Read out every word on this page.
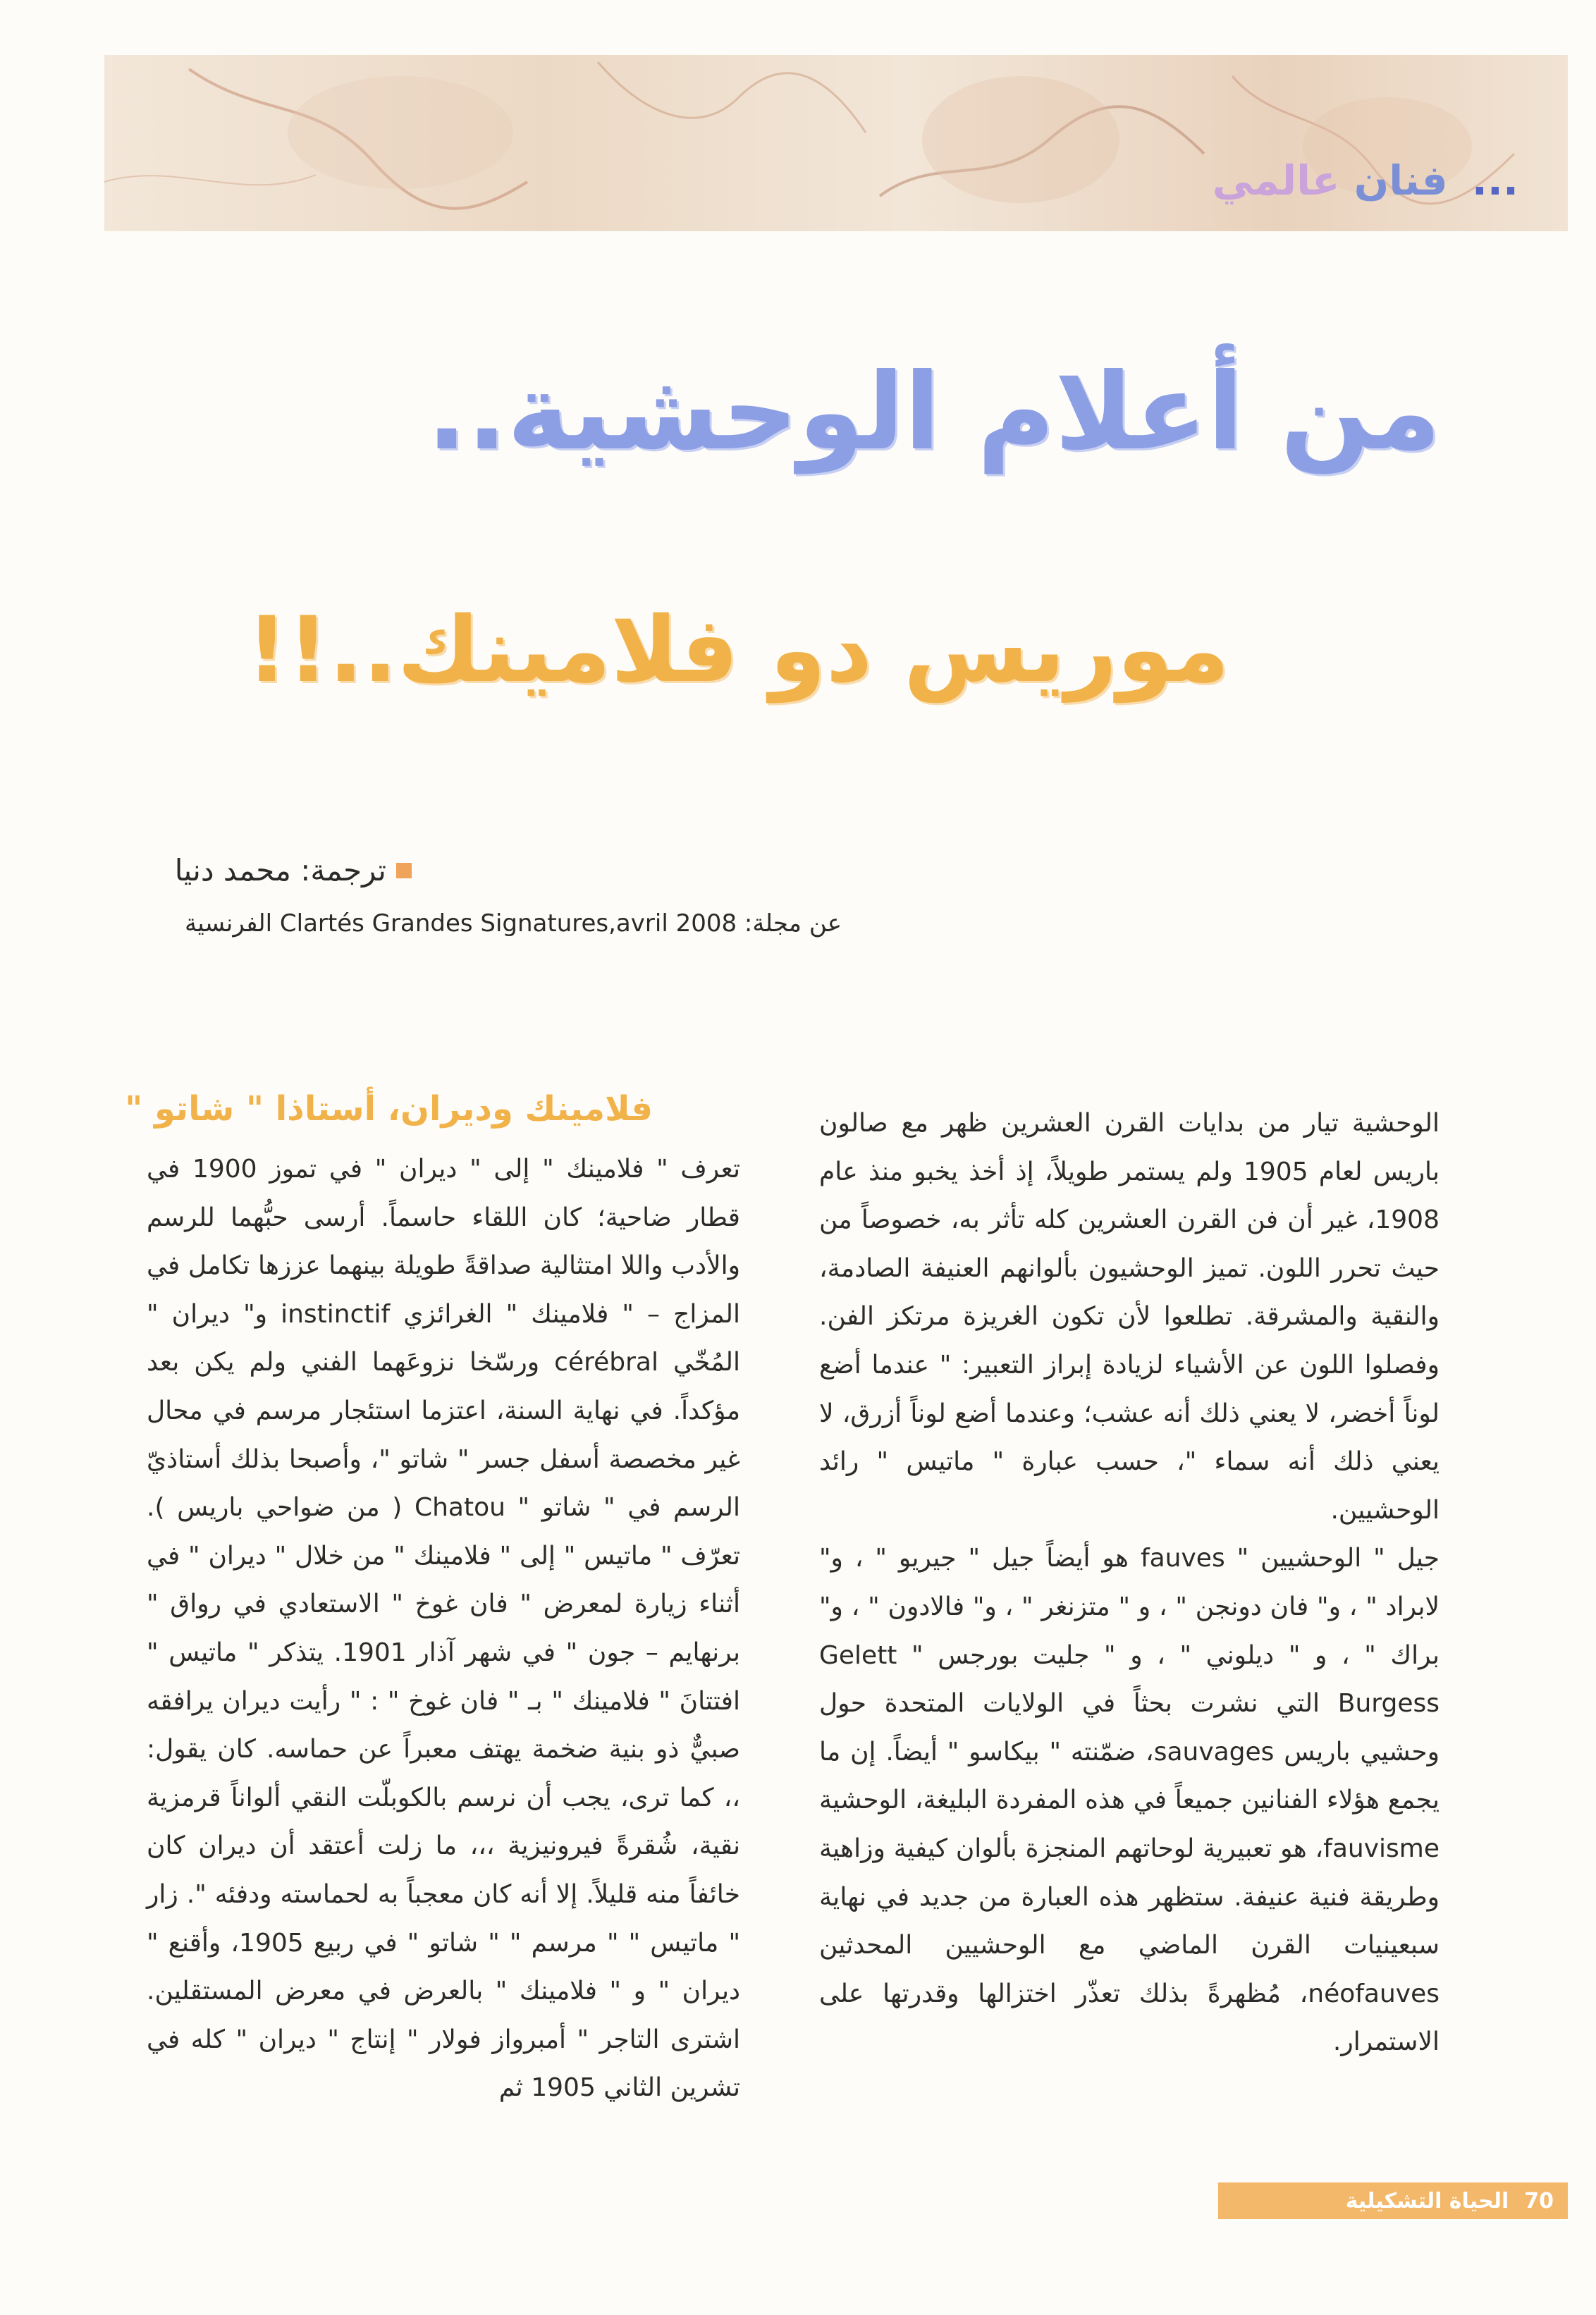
... فنان عالمي
من أعلام الوحشية..
موريس دو فلامينك..!!
ترجمة: محمد دنيا
عن مجلة: Clartés Grandes Signatures,avril 2008 الفرنسية

الوحشية تيار من بدايات القرن العشرين ظهر مع صالون باريس لعام 1905 ولم يستمر طويلاً، إذ أخذ يخبو منذ عام 1908، غير أن فن القرن العشرين كله تأثر به، خصوصاً من حيث تحرر اللون. تميز الوحشيون بألوانهم العنيفة الصادمة، والنقية والمشرقة. تطلعوا لأن تكون الغريزة مرتكز الفن. وفصلوا اللون عن الأشياء لزيادة إبراز التعبير: " عندما أضع لوناً أخضر، لا يعني ذلك أنه عشب؛ وعندما أضع لوناً أزرق، لا يعني ذلك أنه سماء "، حسب عبارة " ماتيس " رائد الوحشيين.

جيل " الوحشيين " fauves هو أيضاً جيل " جيريو " ، و" لابراد " ، و" فان دونجن " ، و " متزنغر " ، و" فالادون " ، و" براك " ، و " ديلوني " ، و " جليت بورجس " Gelett Burgess التي نشرت بحثاً في الولايات المتحدة حول وحشيي باريس sauvages، ضمّنته " بيكاسو " أيضاً. إن ما يجمع هؤلاء الفنانين جميعاً في هذه المفردة البليغة، الوحشية fauvisme، هو تعبيرية لوحاتهم المنجزة بألوان كيفية وزاهية وطريقة فنية عنيفة. ستظهر هذه العبارة من جديد في نهاية سبعينيات القرن الماضي مع الوحشيين المحدثين néofauves، مُظهرةً بذلك تعذّر اختزالها وقدرتها على الاستمرار.

فلامينك وديران، أستاذا " شاتو "

تعرف " فلامينك " إلى " ديران " في تموز 1900 في قطار ضاحية؛ كان اللقاء حاسماً. أرسى حبُّهما للرسم والأدب واللا امتثالية صداقةً طويلة بينهما عززها تكامل في المزاج – " فلامينك " الغرائزي instinctif و" ديران " المُخّي cérébral ورسّخا نزوعَهما الفني ولم يكن بعد مؤكداً. في نهاية السنة، اعتزما استئجار مرسم في محال غير مخصصة أسفل جسر " شاتو "، وأصبحا بذلك أستاذيّ الرسم في " شاتو " Chatou ( من ضواحي باريس ). تعرّف " ماتيس " إلى " فلامينك " من خلال " ديران " في أثناء زيارة لمعرض " فان غوخ " الاستعادي في رواق " برنهايم – جون " في شهر آذار 1901. يتذكر " ماتيس " افتتانَ " فلامينك " بـ " فان غوخ " : " رأيت ديران يرافقه صبيٌّ ذو بنية ضخمة يهتف معبراً عن حماسه. كان يقول: ،، كما ترى، يجب أن نرسم بالكوبلّت النقي ألواناً قرمزية نقية، شُقرةً فيرونيزية ،،، ما زلت أعتقد أن ديران كان خائفاً منه قليلاً. إلا أنه كان معجباً به لحماسته ودفئه ". زار " ماتيس " " مرسم " " شاتو " في ربيع 1905، وأقنع " ديران " و " فلامينك " بالعرض في معرض المستقلين. اشترى التاجر " أمبرواز فولار " إنتاج " ديران " كله في تشرين الثاني 1905 ثم

70
الحياة التشكيلية
